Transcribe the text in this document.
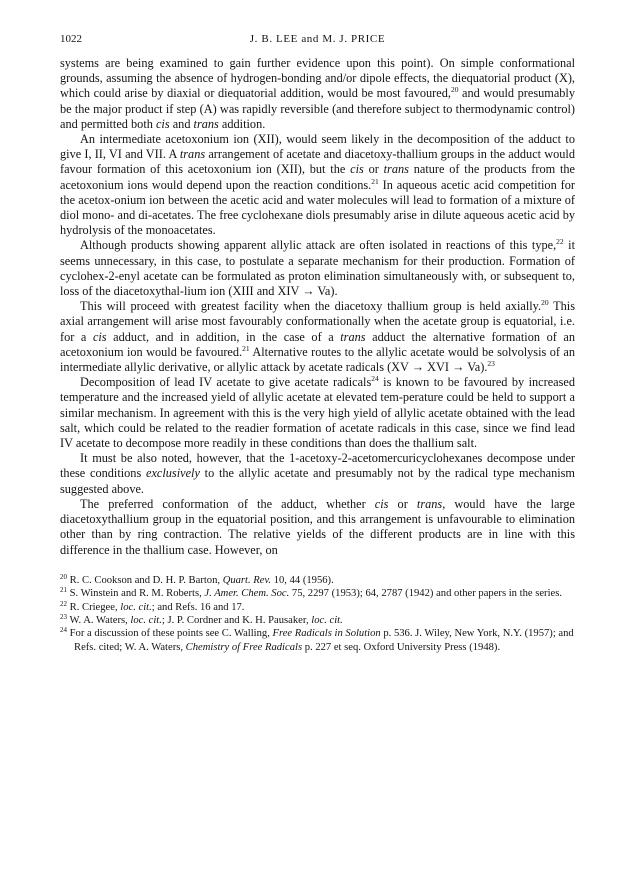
1022	J. B. LEE and M. J. PRICE

systems are being examined to gain further evidence upon this point). On simple conformational grounds, assuming the absence of hydrogen-bonding and/or dipole effects, the diequatorial product (X), which could arise by diaxial or diequatorial addition, would be most favoured,$^{20}$ and would presumably be the major product if step (A) was rapidly reversible (and therefore subject to thermodynamic control) and permitted both cis and trans addition.

An intermediate acetoxonium ion (XII), would seem likely in the decomposition of the adduct to give I, II, VI and VII. A trans arrangement of acetate and diacetoxy-thallium groups in the adduct would favour formation of this acetoxonium ion (XII), but the cis or trans nature of the products from the acetoxonium ions would depend upon the reaction conditions.$^{21}$ In aqueous acetic acid competition for the acetox-onium ion between the acetic acid and water molecules will lead to formation of a mixture of diol mono- and di-acetates. The free cyclohexane diols presumably arise in dilute aqueous acetic acid by hydrolysis of the monoacetates.

Although products showing apparent allylic attack are often isolated in reactions of this type,$^{22}$ it seems unnecessary, in this case, to postulate a separate mechanism for their production. Formation of cyclohex-2-enyl acetate can be formulated as proton elimination simultaneously with, or subsequent to, loss of the diacetoxythal-lium ion (XIII and XIV → Va).

This will proceed with greatest facility when the diacetoxy thallium group is held axially.$^{20}$ This axial arrangement will arise most favourably conformationally when the acetate group is equatorial, i.e. for a cis adduct, and in addition, in the case of a trans adduct the alternative formation of an acetoxonium ion would be favoured.$^{21}$ Alternative routes to the allylic acetate would be solvolysis of an intermediate allylic derivative, or allylic attack by acetate radicals (XV → XVI → Va).$^{23}$

Decomposition of lead IV acetate to give acetate radicals$^{24}$ is known to be favoured by increased temperature and the increased yield of allylic acetate at elevated tem-perature could be held to support a similar mechanism. In agreement with this is the very high yield of allylic acetate obtained with the lead salt, which could be related to the readier formation of acetate radicals in this case, since we find lead IV acetate to decompose more readily in these conditions than does the thallium salt.

It must be also noted, however, that the 1-acetoxy-2-acetomercuricyclohexanes decompose under these conditions exclusively to the allylic acetate and presumably not by the radical type mechanism suggested above.

The preferred conformation of the adduct, whether cis or trans, would have the large diacetoxythallium group in the equatorial position, and this arrangement is unfavourable to elimination other than by ring contraction. The relative yields of the different products are in line with this difference in the thallium case. However, on

$^{20}$ R. C. Cookson and D. H. P. Barton, Quart. Rev. 10, 44 (1956).

$^{21}$ S. Winstein and R. M. Roberts, J. Amer. Chem. Soc. 75, 2297 (1953); 64, 2787 (1942) and other papers in the series.

$^{22}$ R. Criegee, loc. cit.; and Refs. 16 and 17.

$^{23}$ W. A. Waters, loc. cit.; J. P. Cordner and K. H. Pausaker, loc. cit.

$^{24}$ For a discussion of these points see C. Walling, Free Radicals in Solution p. 536. J. Wiley, New York, N.Y. (1957); and Refs. cited; W. A. Waters, Chemistry of Free Radicals p. 227 et seq. Oxford University Press (1948).
